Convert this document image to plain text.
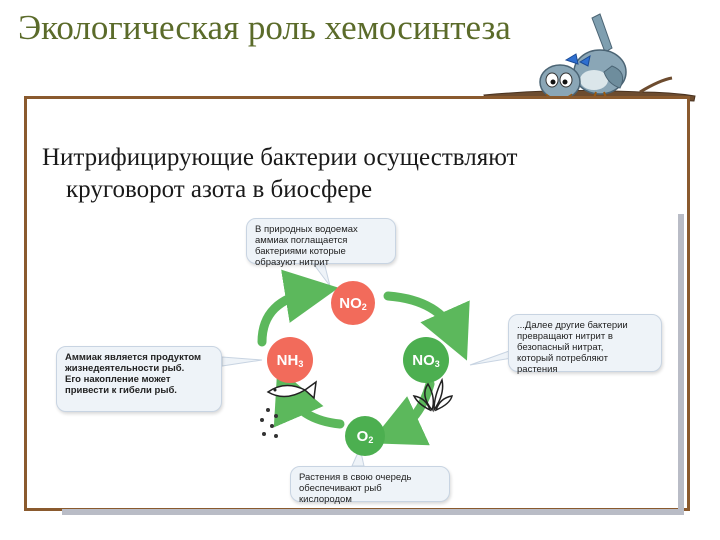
Экологическая роль хемосинтеза
Нитрифицирующие бактерии осуществляют
круговорот азота в биосфере
$NO_2$
$NH_3$	$NO_3$
$O_2$
В природных водоемах
аммиак поглащается
бактериями которые
образуют нитрит
...Далее другие бактерии
превращают нитрит в
безопасный нитрат,
который потребляют
растения
Аммиак является продуктом
жизнедеятельности рыб.
Его накопление может
привести к гибели рыб.
Растения в свою очередь
обеспечивают рыб
кислородом
